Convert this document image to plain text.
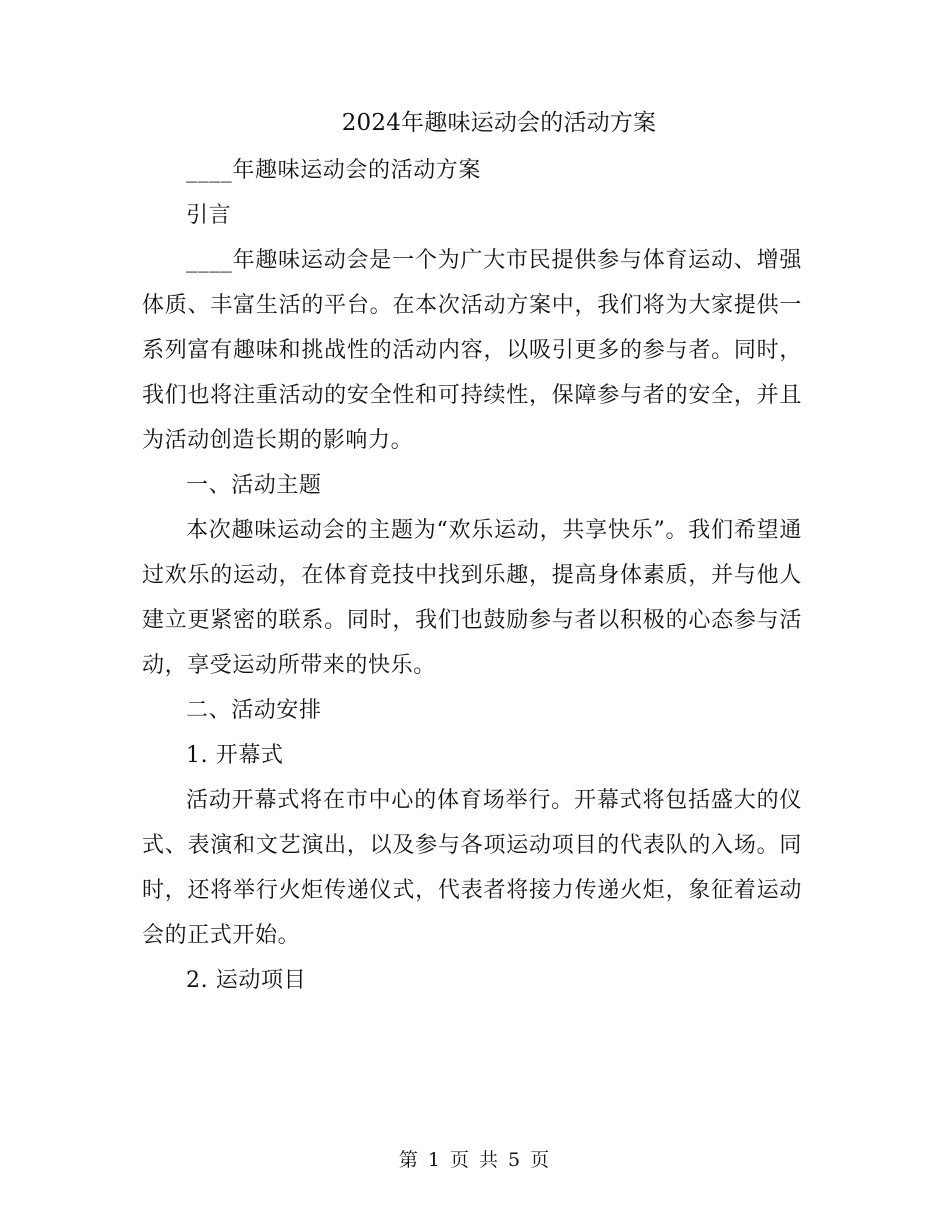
2024年趣味运动会的活动方案

____年趣味运动会的活动方案

引言

____年趣味运动会是一个为广大市民提供参与体育运动、增强体质、丰富生活的平台。在本次活动方案中，我们将为大家提供一系列富有趣味和挑战性的活动内容，以吸引更多的参与者。同时，我们也将注重活动的安全性和可持续性，保障参与者的安全，并且为活动创造长期的影响力。

一、活动主题

本次趣味运动会的主题为“欢乐运动，共享快乐”。我们希望通过欢乐的运动，在体育竞技中找到乐趣，提高身体素质，并与他人建立更紧密的联系。同时，我们也鼓励参与者以积极的心态参与活动，享受运动所带来的快乐。

二、活动安排

1. 开幕式

活动开幕式将在市中心的体育场举行。开幕式将包括盛大的仪式、表演和文艺演出，以及参与各项运动项目的代表队的入场。同时，还将举行火炬传递仪式，代表者将接力传递火炬，象征着运动会的正式开始。

2. 运动项目

第 1 页 共 5 页
